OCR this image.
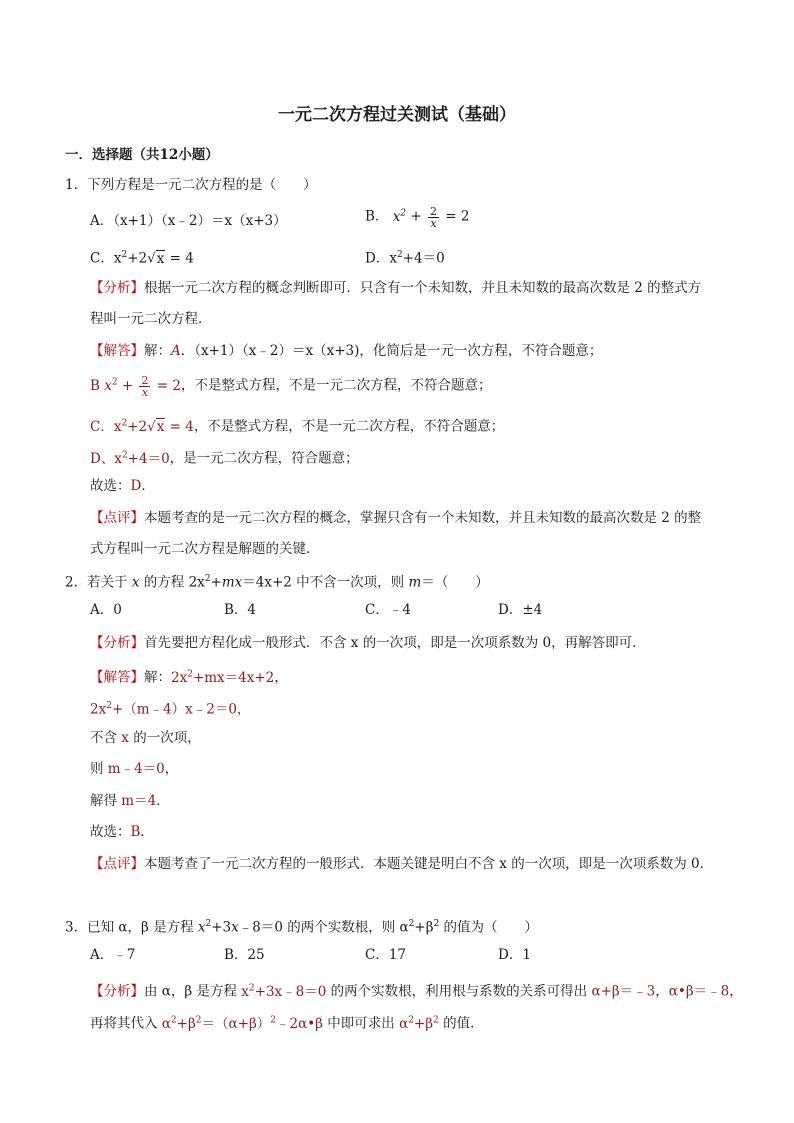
一元二次方程过关测试（基础）
一．选择题（共12小题）
1．下列方程是一元二次方程的是（　　）
A．（x+1）（x﹣2）＝x（x+3）	B． $x^2 + \frac{2}{x} = 2$
C．$x^2+2√x = 4$	D．$x^2+4=0$
【分析】根据一元二次方程的概念判断即可．只含有一个未知数，并且未知数的最高次数是 2 的整式方
程叫一元二次方程．
【解答】解：A．（x+1）（x﹣2）＝x（x+3)，化简后是一元一次方程，不符合题意；
B $x^2 + \frac{2}{x} = 2$，不是整式方程，不是一元二次方程，不符合题意；
C．$x^2+2√x = 4$，不是整式方程，不是一元二次方程，不符合题意；
D、$x^2+4=0$，是一元二次方程，符合题意；
故选：D．
【点评】本题考查的是一元二次方程的概念，掌握只含有一个未知数，并且未知数的最高次数是 2 的整
式方程叫一元二次方程是解题的关键．
2．若关于 x 的方程 $2x^2+mx=4x+2$ 中不含一次项，则 m＝（　　）
A．0	B．4	C．﹣4	D．±4
【分析】首先要把方程化成一般形式．不含 x 的一次项，即是一次项系数为 0，再解答即可．
【解答】解：$2x^2+mx=4x+2$，
$2x^2+(m﹣4)x﹣2=0$，
不含 x 的一次项，
则 m﹣4＝0，
解得 m＝4．
故选：B．
【点评】本题考查了一元二次方程的一般形式．本题关键是明白不含 x 的一次项，即是一次项系数为 0．
3．已知 α，β 是方程 $x^2+3x﹣8=0$ 的两个实数根，则 $\alpha^2+\beta^2$ 的值为（　　）
A．﹣7	B．25	C．17	D．1
【分析】由 α，β 是方程 $x^2+3x﹣8=0$ 的两个实数根，利用根与系数的关系可得出 α+β＝﹣3，α•β＝﹣8，
再将其代入 $\alpha^2+\beta^2=(\alpha+\beta)^2﹣2\alpha•\beta$ 中即可求出 $\alpha^2+\beta^2$ 的值．
